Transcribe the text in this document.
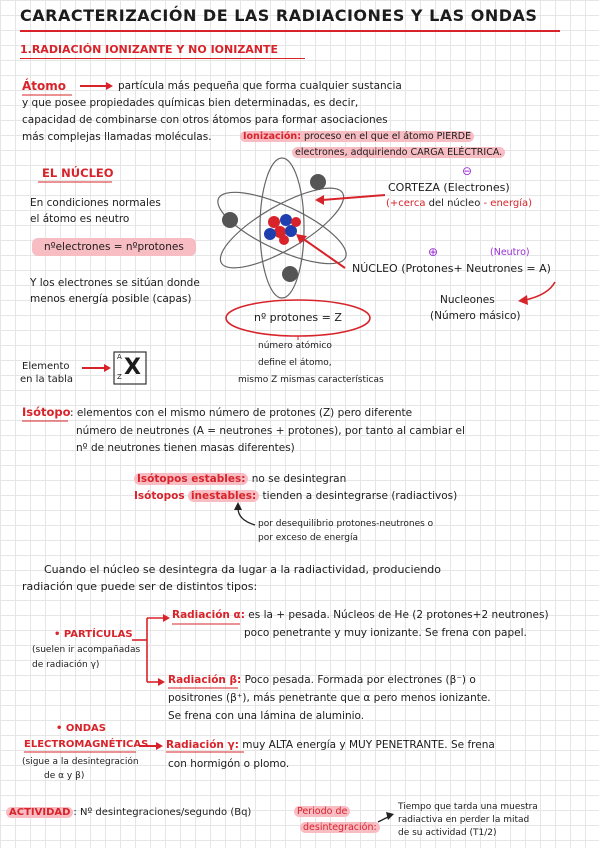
CARACTERIZACIÓN DE LAS RADIACIONES Y LAS ONDAS
1.RADIACIÓN IONIZANTE Y NO IONIZANTE
Átomo	partícula más pequeña que forma cualquier sustancia
y que posee propiedades químicas bien determinadas, es decir,
capacidad de combinarse con otros átomos para formar asociaciones
más complejas llamadas moléculas.	Ionización: proceso en el que el átomo PIERDE
electrones, adquiriendo CARGA ELÉCTRICA.
EL NÚCLEO
En condiciones normales
el átomo es neutro
nºelectrones = nºprotones
Y los electrones se sitúan donde
menos energía posible (capas)
⊖
CORTEZA (Electrones)
(+cerca del núcleo - energía)
⊕	(Neutro)
NÚCLEO (Protones+ Neutrones = A)
Nucleones
(Número másico)
nº protones = Z
número atómico
define el átomo,
mismo Z mismas características
Elemento
en la tabla
A
Z X
Isótopo : elementos con el mismo número de protones (Z) pero diferente
número de neutrones (A = neutrones + protones), por tanto al cambiar el
nº de neutrones tienen masas diferentes)
Isótopos estables: no se desintegran
Isótopos inestables: tienden a desintegrarse (radiactivos)
por desequilibrio protones-neutrones o
por exceso de energía
Cuando el núcleo se desintegra da lugar a la radiactividad, produciendo
radiación que puede ser de distintos tipos:
• PARTÍCULAS
(suelen ir acompañadas
de radiación γ)
Radiación α: es la + pesada. Núcleos de He (2 protones+2 neutrones)
poco penetrante y muy ionizante. Se frena con papel.
Radiación β: Poco pesada. Formada por electrones (β⁻) o
positrones (β⁺), más penetrante que α pero menos ionizante.
Se frena con una lámina de aluminio.
• ONDAS
ELECTROMAGNÉTICAS
(sigue a la desintegración
de α y β)
Radiación γ: muy ALTA energía y MUY PENETRANTE. Se frena
con hormigón o plomo.
ACTIVIDAD : Nº desintegraciones/segundo (Bq)	Periodo de
desintegración:
Tiempo que tarda una muestra
radiactiva en perder la mitad
de su actividad (T1/2)
